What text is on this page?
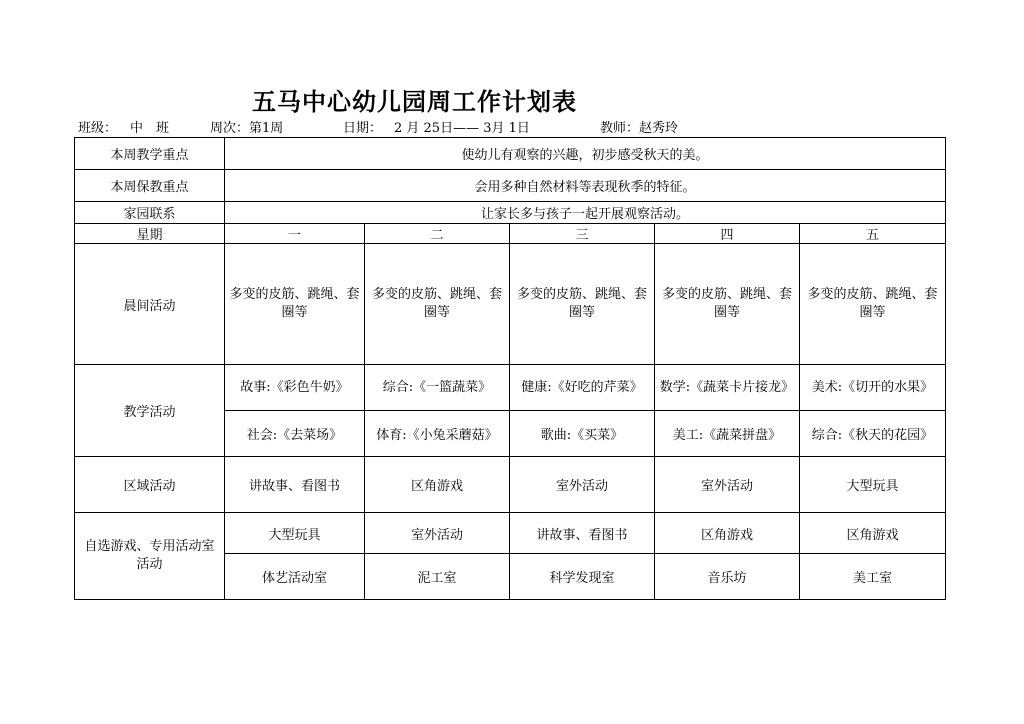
五马中心幼儿园周工作计划表

班级：

中　班

	周次：第1周

	日期：

2 月 25日—— 3月 1日

	教师：赵秀玲

本周教学重点	使幼儿有观察的兴趣，初步感受秋天的美。				
本周保教重点	会用多种自然材料等表现秋季的特征。				
家园联系	让家长多与孩子一起开展观察活动。				
星期	一	二	三	四	五
晨间活动	多变的皮筋、跳绳、套圈等	多变的皮筋、跳绳、套圈等	多变的皮筋、跳绳、套圈等	多变的皮筋、跳绳、套圈等	多变的皮筋、跳绳、套圈等
教学活动	故事:《彩色牛奶》	综合:《一篮蔬菜》	健康:《好吃的芹菜》	数学:《蔬菜卡片接龙》	美术:《切开的水果》
	社会:《去菜场》	体育:《小兔采蘑菇》	歌曲:《买菜》	美工:《蔬菜拼盘》	综合:《秋天的花园》
区域活动	讲故事、看图书	区角游戏	室外活动	室外活动	大型玩具
自选游戏、专用活动室活动	大型玩具	室外活动	讲故事、看图书	区角游戏	区角游戏
	体艺活动室	泥工室	科学发现室	音乐坊	美工室
